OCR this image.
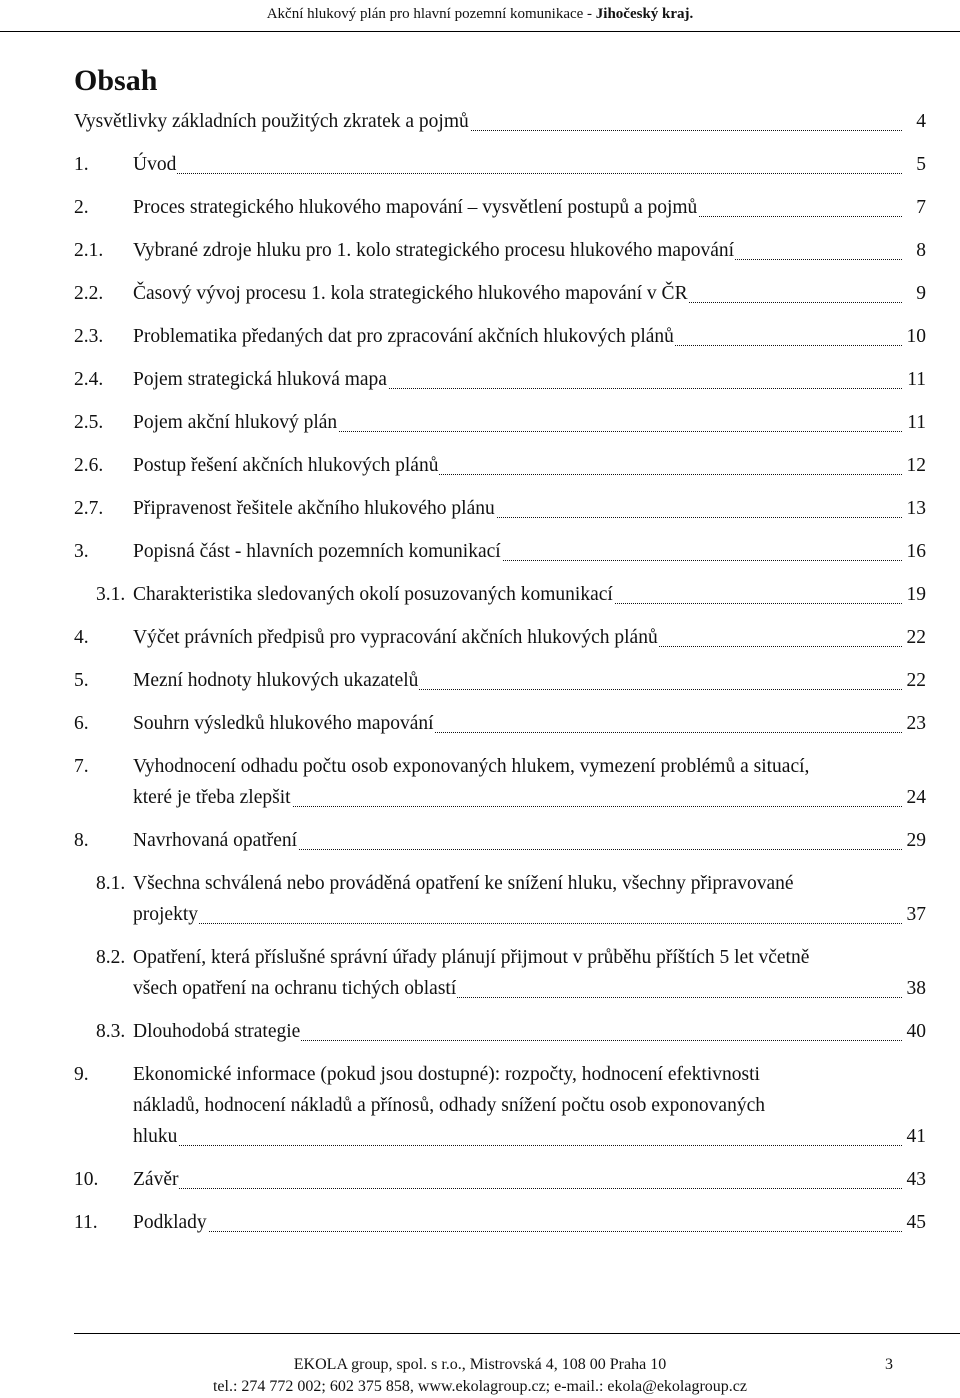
Akční hlukový plán pro hlavní pozemní komunikace - Jihočeský kraj.
Obsah
Vysvětlivky základních použitých zkratek a pojmů	4
1.	Úvod	5
2.	Proces strategického hlukového mapování – vysvětlení postupů a pojmů	7
2.1.	Vybrané zdroje hluku pro 1. kolo strategického procesu hlukového mapování	8
2.2.	Časový vývoj procesu 1. kola strategického hlukového mapování v ČR	9
2.3.	Problematika předaných dat pro zpracování akčních hlukových plánů	10
2.4.	Pojem strategická hluková mapa	11
2.5.	Pojem akční hlukový plán	11
2.6.	Postup řešení akčních hlukových plánů	12
2.7.	Připravenost řešitele akčního hlukového plánu	13
3.	Popisná část - hlavních pozemních komunikací	16
3.1. Charakteristika sledovaných okolí posuzovaných komunikací	19
4.	Výčet právních předpisů pro vypracování akčních hlukových plánů	22
5.	Mezní hodnoty hlukových ukazatelů	22
6.	Souhrn výsledků hlukového mapování	23
7.	Vyhodnocení odhadu počtu osob exponovaných hlukem, vymezení problémů a situací,
které je třeba zlepšit	24
8.	Navrhovaná opatření	29
8.1. Všechna schválená nebo prováděná opatření ke snížení hluku, všechny připravované
projekty	37
8.2. Opatření, která příslušné správní úřady plánují přijmout v průběhu příštích 5 let včetně
všech opatření na ochranu tichých oblastí	38
8.3. Dlouhodobá strategie	40
9.	Ekonomické informace (pokud jsou dostupné): rozpočty, hodnocení efektivnosti
nákladů, hodnocení nákladů a přínosů, odhady snížení počtu osob exponovaných
hluku	41
10.	Závěr	43
11.	Podklady	45
EKOLA group, spol. s r.o., Mistrovská 4, 108 00 Praha 10	3
tel.: 274 772 002; 602 375 858, www.ekolagroup.cz; e-mail.: ekola@ekolagroup.cz
